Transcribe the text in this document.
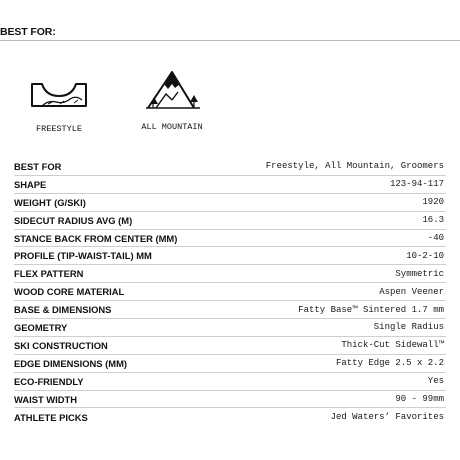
BEST FOR:
FREESTYLE	ALL MOUNTAIN
BEST FOR	Freestyle, All Mountain, Groomers
SHAPE	123-94-117
WEIGHT (G/SKI)	1920
SIDECUT RADIUS AVG (M)	16.3
STANCE BACK FROM CENTER (MM)	-40
PROFILE (TIP-WAIST-TAIL) MM	10-2-10
FLEX PATTERN	Symmetric
WOOD CORE MATERIAL	Aspen Veener
BASE & DIMENSIONS	Fatty Base™ Sintered 1.7 mm
GEOMETRY	Single Radius
SKI CONSTRUCTION	Thick-Cut Sidewall™
EDGE DIMENSIONS (MM)	Fatty Edge 2.5 x 2.2
ECO-FRIENDLY	Yes
WAIST WIDTH	90 - 99mm
ATHLETE PICKS	Jed Waters’ Favorites
